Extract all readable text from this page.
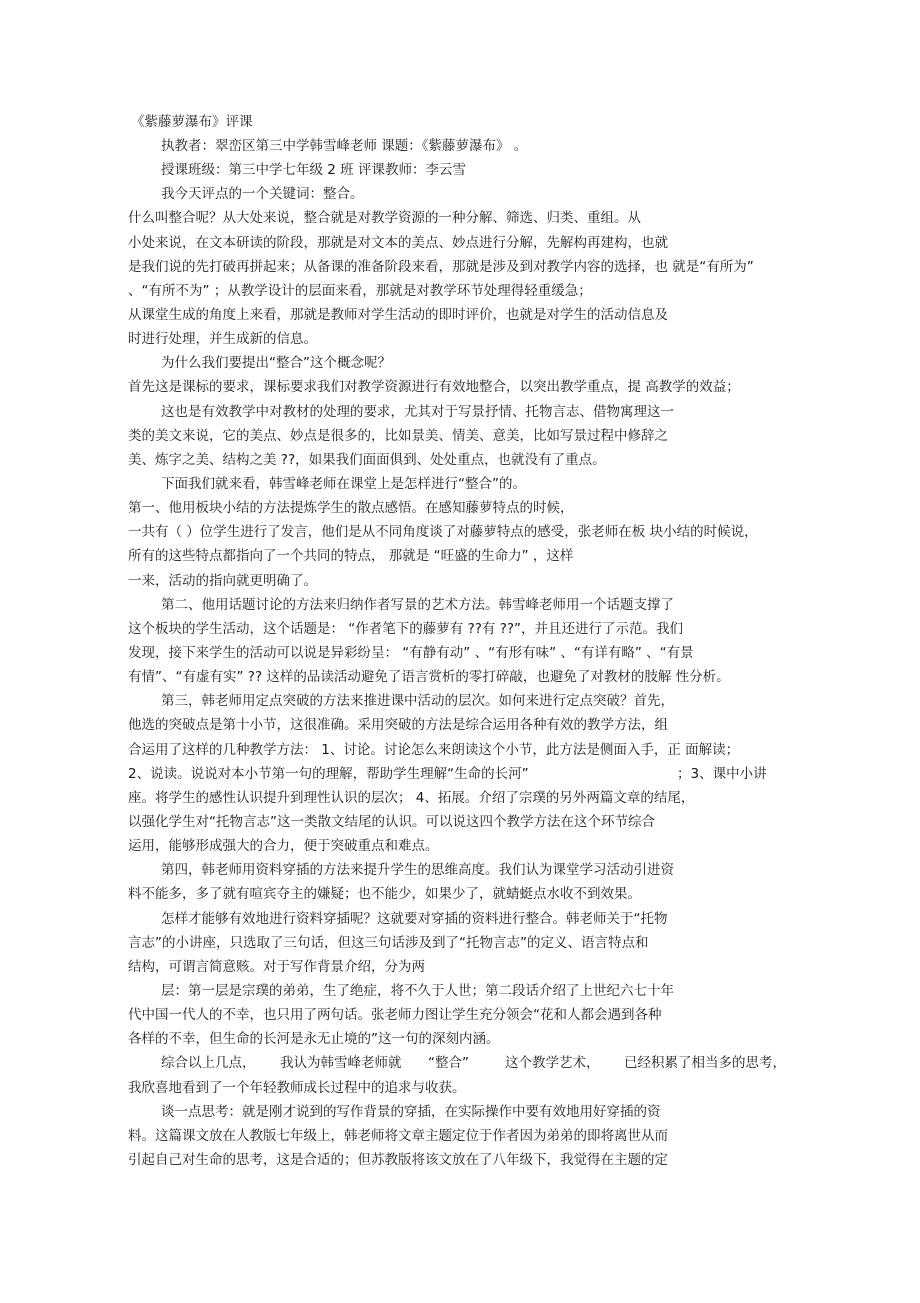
《紫藤萝瀑布》评课
执教者：翠峦区第三中学韩雪峰老师 课题：《紫藤萝瀑布》 。
授课班级：第三中学七年级 2 班 评课教师：李云雪
我今天评点的一个关键词：整合。
什么叫整合呢？从大处来说，整合就是对教学资源的一种分解、筛选、归类、重组。从
小处来说，在文本研读的阶段，那就是对文本的美点、妙点进行分解，先解构再建构，也就
是我们说的先打破再拼起来；从备课的准备阶段来看，那就是涉及到对教学内容的选择，也 就是“有所为”
、“有所不为” ；从教学设计的层面来看，那就是对教学环节处理得轻重缓急；
从课堂生成的角度上来看，那就是教师对学生活动的即时评价，也就是对学生的活动信息及
时进行处理，并生成新的信息。
为什么我们要提出“整合”这个概念呢？
首先这是课标的要求，课标要求我们对教学资源进行有效地整合，以突出教学重点，提 高教学的效益；
这也是有效教学中对教材的处理的要求，尤其对于写景抒情、托物言志、借物寓理这一
类的美文来说，它的美点、妙点是很多的，比如景美、情美、意美，比如写景过程中修辞之
美、炼字之美、结构之美 ??，如果我们面面俱到、处处重点，也就没有了重点。
下面我们就来看，韩雪峰老师在课堂上是怎样进行“整合”的。
第一、他用板块小结的方法提炼学生的散点感悟。在感知藤萝特点的时候，
一共有（ ）位学生进行了发言，他们是从不同角度谈了对藤萝特点的感受，张老师在板 块小结的时候说，
所有的这些特点都指向了一个共同的特点， 那就是 “旺盛的生命力” ，这样
一来，活动的指向就更明确了。
第二、他用话题讨论的方法来归纳作者写景的艺术方法。韩雪峰老师用一个话题支撑了
这个板块的学生活动，这个话题是： “作者笔下的藤萝有 ??有 ??”，并且还进行了示范。我们
发现，接下来学生的活动可以说是异彩纷呈： “有静有动” 、“有形有味” 、“有详有略” 、“有景
有情”、“有虚有实” ?? 这样的品读活动避免了语言赏析的零打碎敲，也避免了对教材的肢解 性分析。
第三，韩老师用定点突破的方法来推进课中活动的层次。如何来进行定点突破？首先，
他选的突破点是第十小节，这很准确。采用突破的方法是综合运用各种有效的教学方法，组
合运用了这样的几种教学方法： 1、讨论。讨论怎么来朗读这个小节，此方法是侧面入手，正 面解读；
2、说读。说说对本小节第一句的理解，帮助学生理解“生命的长河”	；3、课中小讲
座。将学生的感性认识提升到理性认识的层次； 4、拓展。介绍了宗璞的另外两篇文章的结尾，
以强化学生对“托物言志”这一类散文结尾的认识。可以说这四个教学方法在这个环节综合
运用，能够形成强大的合力，便于突破重点和难点。
第四，韩老师用资料穿插的方法来提升学生的思维高度。我们认为课堂学习活动引进资
料不能多，多了就有喧宾夺主的嫌疑；也不能少，如果少了，就蜻蜓点水收不到效果。
怎样才能够有效地进行资料穿插呢？这就要对穿插的资料进行整合。韩老师关于“托物
言志”的小讲座，只选取了三句话，但这三句话涉及到了“托物言志”的定义、语言特点和
结构，可谓言简意赅。对于写作背景介绍，分为两
层：第一层是宗璞的弟弟，生了绝症，将不久于人世；第二段话介绍了上世纪六七十年
代中国一代人的不幸，也只用了两句话。张老师力图让学生充分领会“花和人都会遇到各种
各样的不幸，但生命的长河是永无止境的”这一句的深刻内涵。
综合以上几点， 我认为韩雪峰老师就 “整合”	这个教学艺术， 已经积累了相当多的思考，
我欣喜地看到了一个年轻教师成长过程中的追求与收获。
谈一点思考：就是刚才说到的写作背景的穿插，在实际操作中要有效地用好穿插的资
料。这篇课文放在人教版七年级上，韩老师将文章主题定位于作者因为弟弟的即将离世从而
引起自己对生命的思考，这是合适的；但苏教版将该文放在了八年级下，我觉得在主题的定
